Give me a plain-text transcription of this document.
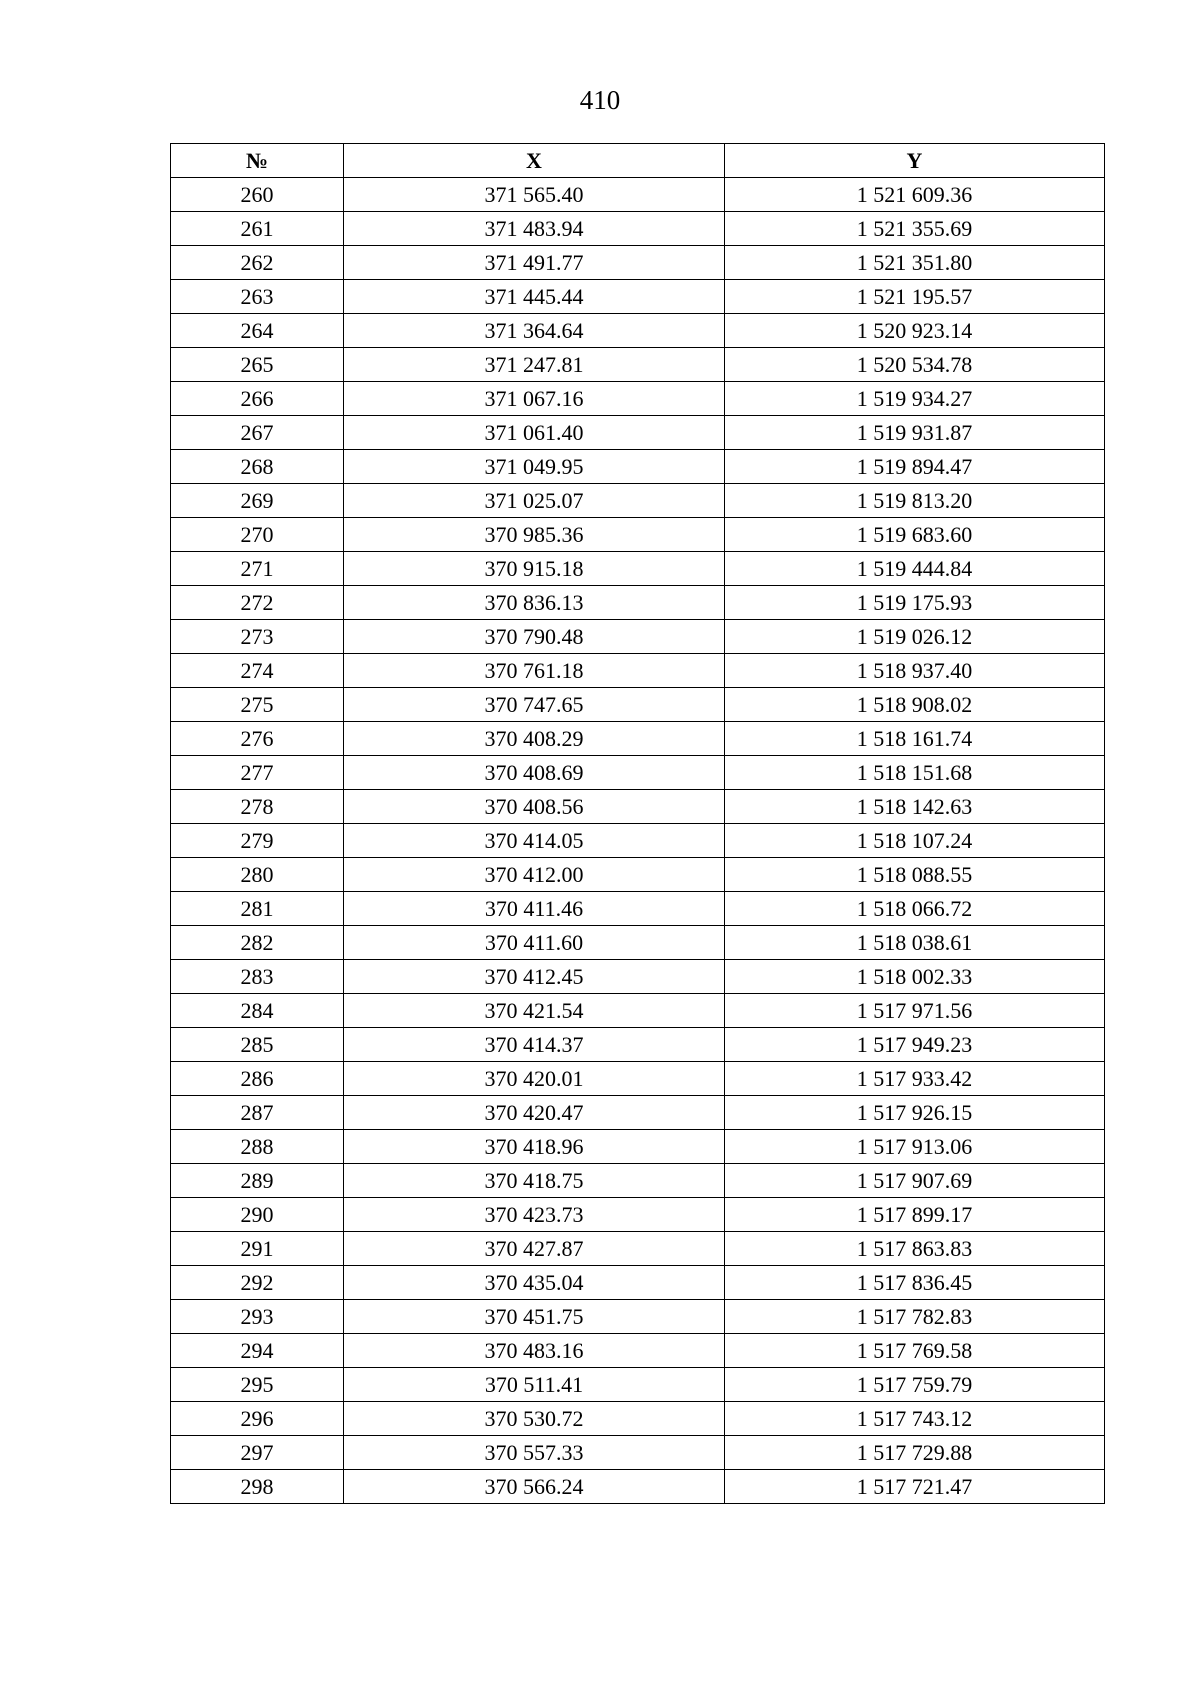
410
№	X	Y
260	371 565.40	1 521 609.36
261	371 483.94	1 521 355.69
262	371 491.77	1 521 351.80
263	371 445.44	1 521 195.57
264	371 364.64	1 520 923.14
265	371 247.81	1 520 534.78
266	371 067.16	1 519 934.27
267	371 061.40	1 519 931.87
268	371 049.95	1 519 894.47
269	371 025.07	1 519 813.20
270	370 985.36	1 519 683.60
271	370 915.18	1 519 444.84
272	370 836.13	1 519 175.93
273	370 790.48	1 519 026.12
274	370 761.18	1 518 937.40
275	370 747.65	1 518 908.02
276	370 408.29	1 518 161.74
277	370 408.69	1 518 151.68
278	370 408.56	1 518 142.63
279	370 414.05	1 518 107.24
280	370 412.00	1 518 088.55
281	370 411.46	1 518 066.72
282	370 411.60	1 518 038.61
283	370 412.45	1 518 002.33
284	370 421.54	1 517 971.56
285	370 414.37	1 517 949.23
286	370 420.01	1 517 933.42
287	370 420.47	1 517 926.15
288	370 418.96	1 517 913.06
289	370 418.75	1 517 907.69
290	370 423.73	1 517 899.17
291	370 427.87	1 517 863.83
292	370 435.04	1 517 836.45
293	370 451.75	1 517 782.83
294	370 483.16	1 517 769.58
295	370 511.41	1 517 759.79
296	370 530.72	1 517 743.12
297	370 557.33	1 517 729.88
298	370 566.24	1 517 721.47
